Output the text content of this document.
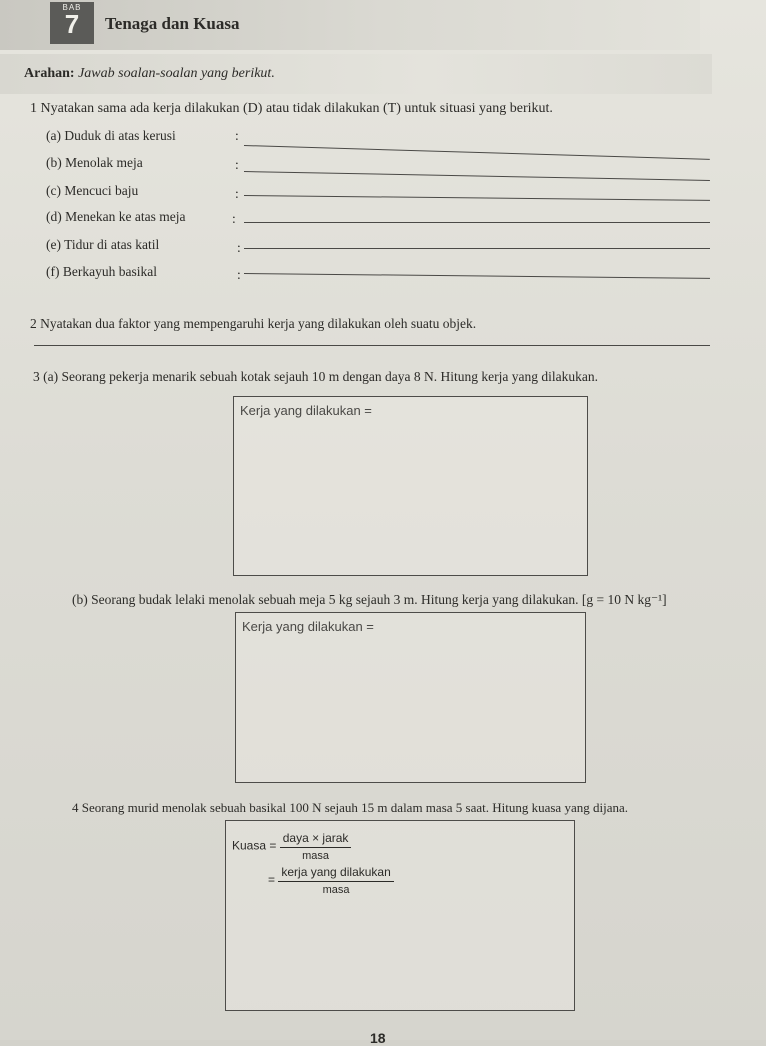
BAB
7	Tenaga dan Kuasa
Arahan: Jawab soalan-soalan yang berikut.
1 Nyatakan sama ada kerja dilakukan (D) atau tidak dilakukan (T) untuk situasi yang berikut.
(a) Duduk di atas kerusi	:
(b) Menolak meja	:
(c) Mencuci baju	:
(d) Menekan ke atas meja	:
(e) Tidur di atas katil	:
(f) Berkayuh basikal	:
2 Nyatakan dua faktor yang mempengaruhi kerja yang dilakukan oleh suatu objek.
3 (a) Seorang pekerja menarik sebuah kotak sejauh 10 m dengan daya 8 N. Hitung kerja yang dilakukan.
Kerja yang dilakukan =
(b) Seorang budak lelaki menolak sebuah meja 5 kg sejauh 3 m. Hitung kerja yang dilakukan. [g = 10 N kg⁻¹]
Kerja yang dilakukan =
4 Seorang murid menolak sebuah basikal 100 N sejauh 15 m dalam masa 5 saat. Hitung kuasa yang dijana.
Kuasa = $\frac{\text{daya × jarak}}{\text{masa}}$
= $\frac{\text{kerja yang dilakukan}}{\text{masa}}$
18
